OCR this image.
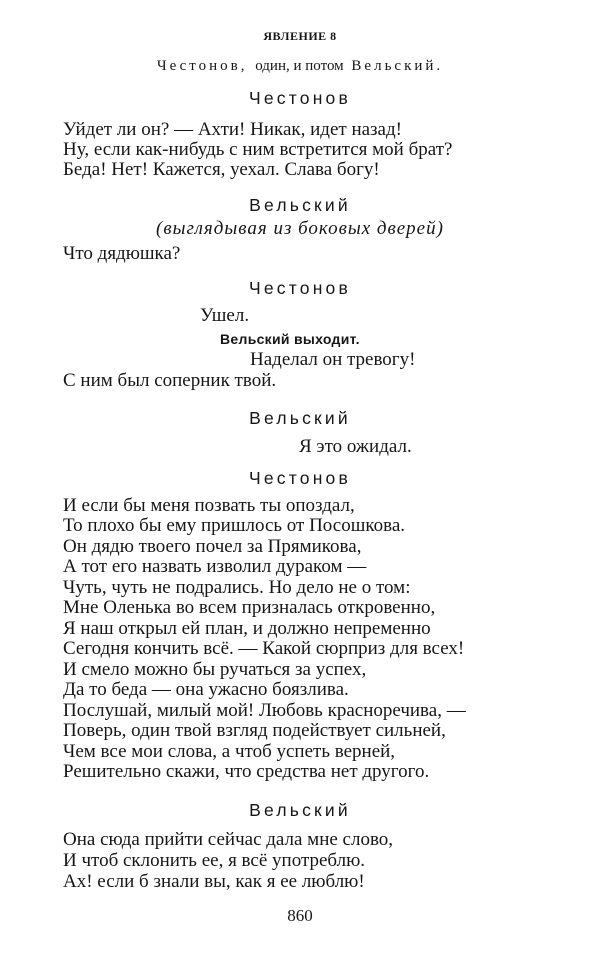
ЯВЛЕНИЕ 8
Честонов, один, и потом Вельский.
Честонов
Уйдет ли он? — Ахти! Никак, идет назад!
Ну, если как-нибудь с ним встретится мой брат?
Беда! Нет! Кажется, уехал. Слава богу!
Вельский
(выглядывая из боковых дверей)
Что дядюшка?
Честонов
Ушел.
Вельский выходит.
Наделал он тревогу!
С ним был соперник твой.
Вельский
Я это ожидал.
Честонов
И если бы меня позвать ты опоздал,
То плохо бы ему пришлось от Посошкова.
Он дядю твоего почел за Прямикова,
А тот его назвать изволил дураком —
Чуть, чуть не подрались. Но дело не о том:
Мне Оленька во всем призналась откровенно,
Я наш открыл ей план, и должно непременно
Сегодня кончить всё. — Какой сюрприз для всех!
И смело можно бы ручаться за успех,
Да то беда — она ужасно боязлива.
Послушай, милый мой! Любовь красноречива, —
Поверь, один твой взгляд подействует сильней,
Чем все мои слова, а чтоб успеть верней,
Решительно скажи, что средства нет другого.
Вельский
Она сюда прийти сейчас дала мне слово,
И чтоб склонить ее, я всё употреблю.
Ах! если б знали вы, как я ее люблю!
860
